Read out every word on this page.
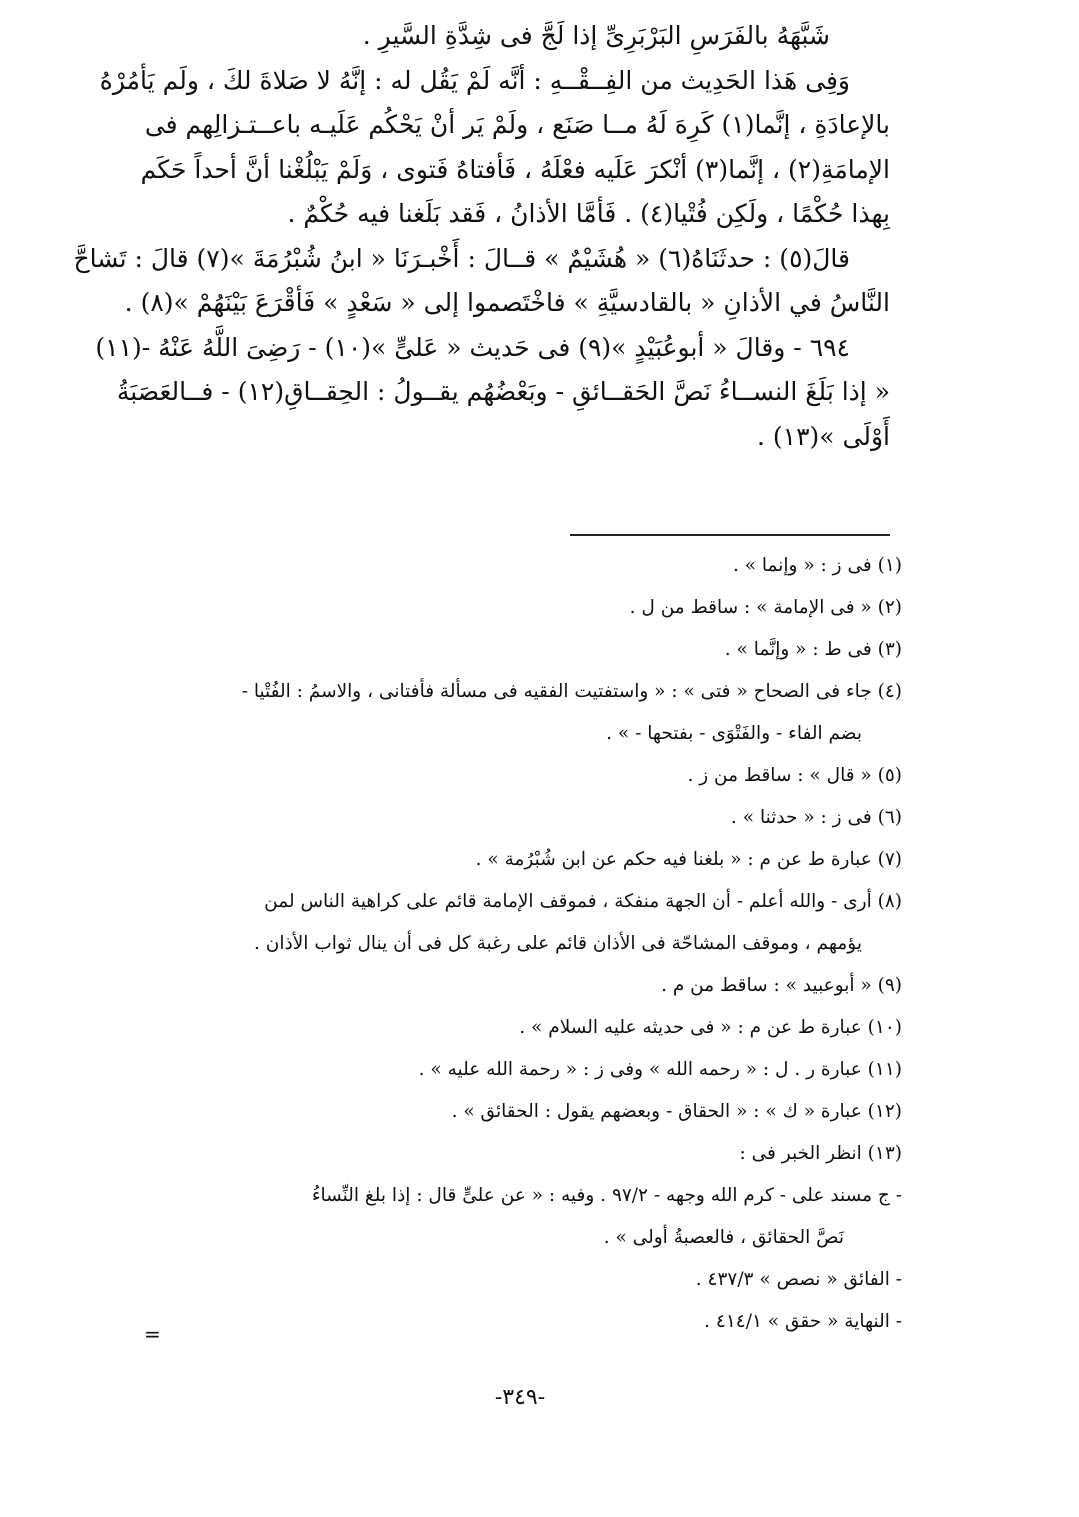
شَبَّهَهُ بالفَرَسِ البَرْبَرِىِّ إذا لَجَّ فى شِدَّةِ السَّيرِ .
وَفِى هَذا الحَدِيث من الفِــقْــهِ : أنَّه لَمْ يَقُل له : إنَّهُ لا صَلاةَ لكَ ، ولَم يَأمُرْهُ
بالإعادَةِ ، إنَّما(١) كَرِهَ لَهُ مــا صَنَع ، ولَمْ يَر أنْ يَحْكُم عَلَيـه باعــتـزالِهم فى
الإمامَةِ(٢) ، إنَّما(٣) أنْكرَ عَلَيه فعْلَهُ ، فَأفتاهُ فَتوى ، وَلَمْ يَبْلُغْنا أنَّ أحداً حَكَم
بِهذا حُكْمًا ، ولَكِن فُتْيا(٤) . فَأمَّا الأذانُ ، فَقد بَلَغنا فيه حُكْمٌ .
قالَ(٥) : حدثَنَاهُ(٦) « هُشَيْمٌ » قــالَ : أَخْبـرَنَا « ابنُ شُبْرُمَةَ »(٧) قالَ : تَشاحَّ
النَّاسُ في الأذانِ « بالقادسيَّةِ » فاخْتَصموا إلى « سَعْدٍ » فَأقْرَعَ بَيْنَهُمْ »(٨) .
٦٩٤ - وقالَ « أبوعُبَيْدٍ »(٩) فى حَديث « عَلىٍّ »(١٠) - رَضِىَ اللَّهُ عَنْهُ -(١١)
« إذا بَلَغَ النســاءُ نَصَّ الحَقــائقِ - وبَعْضُهُم يقــولُ : الحِقــاقِ(١٢) - فــالعَصَبَةُ
أَوْلَى »(١٣) .
(١) فى ز : « وإنما » .
(٢) « فى الإمامة » : ساقط من ل .
(٣) فى ط : « وإنَّما » .
(٤) جاء فى الصحاح « فتى » : « واستفتيت الفقيه فى مسألة فأفتانى ، والاسمُ : الفُتْيا -
بضم الفاء - والفَتْوَى - بفتحها - » .
(٥) « قال » : ساقط من ز .
(٦) فى ز : « حدثنا » .
(٧) عبارة ط عن م : « بلغنا فيه حكم عن ابن شُبْرُمة » .
(٨) أرى - والله أعلم - أن الجهة منفكة ، فموقف الإمامة قائم على كراهية الناس لمن
يؤمهم ، وموقف المشاحّة فى الأذان قائم على رغبة كل فى أن ينال ثواب الأذان .
(٩) « أبوعبيد » : ساقط من م .
(١٠) عبارة ط عن م : « فى حديثه عليه السلام » .
(١١) عبارة ر . ل : « رحمه الله » وفى ز : « رحمة الله عليه » .
(١٢) عبارة « ك » : « الحقاق - وبعضهم يقول : الحقائق » .
(١٣) انظر الخبر فى :
- ج مسند على - كرم الله وجهه - ٩٧/٢ . وفيه : « عن علىٍّ قال : إذا بلغ النِّساءُ
نَصَّ الحقائق ، فالعصبةُ أولى » .
- الفائق « نصص » ٤٣٧/٣ .
- النهاية « حقق » ٤١٤/١ .
=
-٣٤٩-
